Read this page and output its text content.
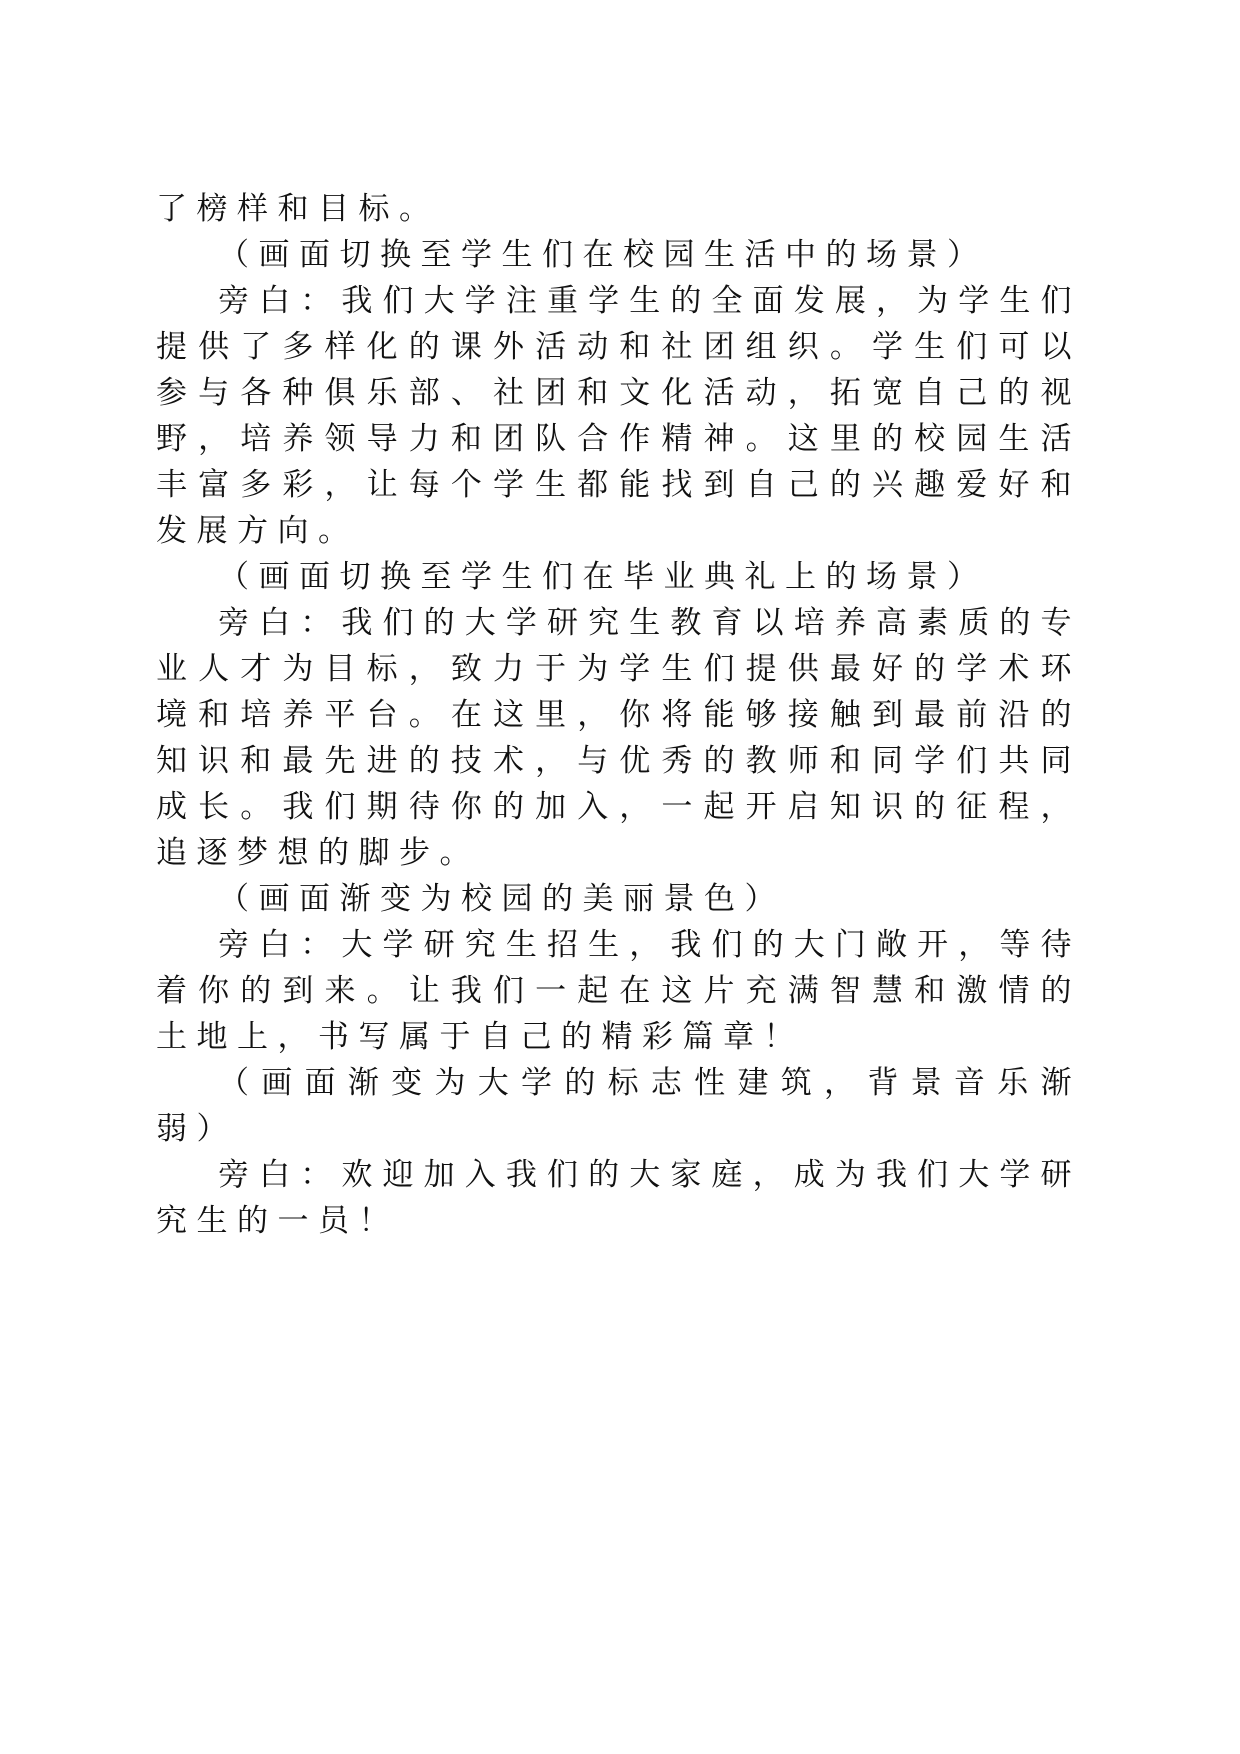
了榜样和目标。

（画面切换至学生们在校园生活中的场景）

旁白：我们大学注重学生的全面发展，为学生们提供了多样化的课外活动和社团组织。学生们可以参与各种俱乐部、社团和文化活动，拓宽自己的视野，培养领导力和团队合作精神。这里的校园生活丰富多彩，让每个学生都能找到自己的兴趣爱好和发展方向。

（画面切换至学生们在毕业典礼上的场景）

旁白：我们的大学研究生教育以培养高素质的专业人才为目标，致力于为学生们提供最好的学术环境和培养平台。在这里，你将能够接触到最前沿的知识和最先进的技术，与优秀的教师和同学们共同成长。我们期待你的加入，一起开启知识的征程，追逐梦想的脚步。

（画面渐变为校园的美丽景色）

旁白：大学研究生招生，我们的大门敞开，等待着你的到来。让我们一起在这片充满智慧和激情的土地上，书写属于自己的精彩篇章！

（画面渐变为大学的标志性建筑，背景音乐渐弱）

旁白：欢迎加入我们的大家庭，成为我们大学研究生的一员！
